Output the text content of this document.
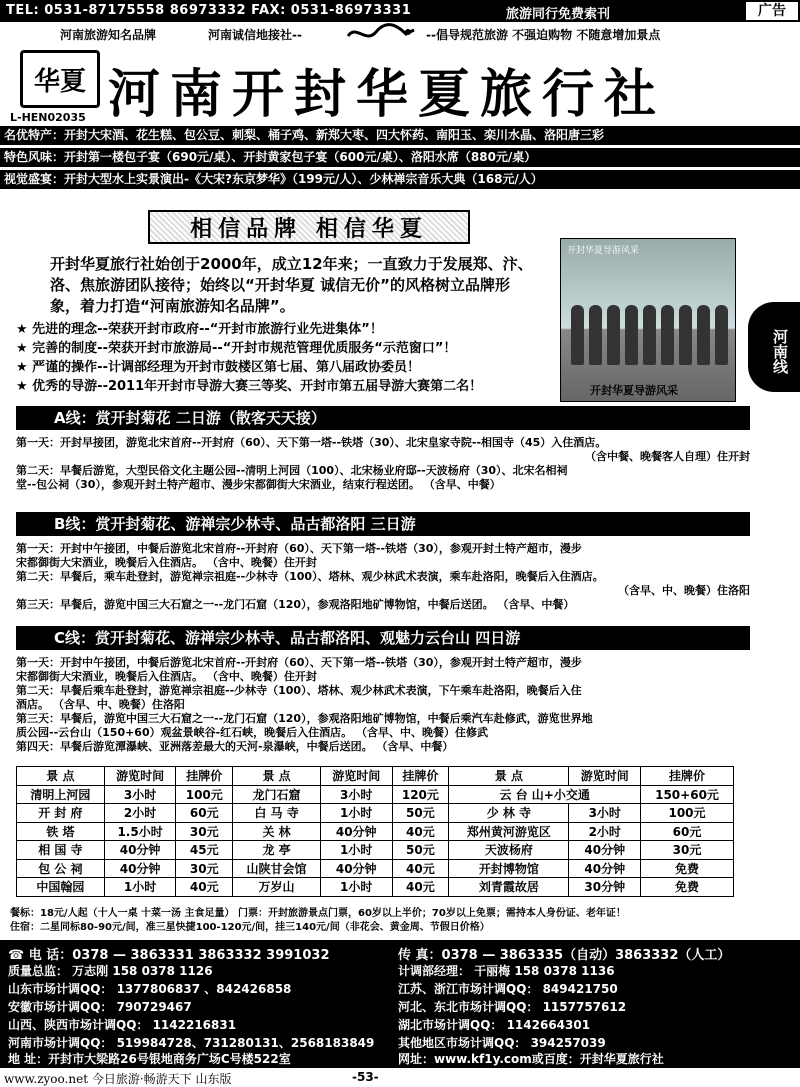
TEL: 0531-87175558 86973332 FAX: 0531-86973331	旅游同行免费索刊	广告
河南旅游知名品牌	河南诚信地接社--	--倡导规范旅游 不强迫购物 不随意增加景点
华夏
L-HEN02035 河南开封华夏旅行社
名优特产：开封大宋酒、花生糕、包公豆、刺梨、桶子鸡、新郑大枣、四大怀药、南阳玉、栾川水晶、洛阳唐三彩
特色风味：开封第一楼包子宴（690元/桌）、开封黄家包子宴（600元/桌）、洛阳水席（880元/桌）
视觉盛宴：开封大型水上实景演出-《大宋?东京梦华》（199元/人）、少林禅宗音乐大典（168元/人）
相信品牌 相信华夏
开封华夏旅行社始创于2000年，成立12年来；一直致力于发展郑、汴、洛、焦旅游团队接待；始终以“开封华夏 诚信无价”的风格树立品牌形象，着力打造“河南旅游知名品牌”。
★ 先进的理念--荣获开封市政府--“开封市旅游行业先进集体”！
★ 完善的制度--荣获开封市旅游局--“开封市规范管理优质服务“示范窗口”！
★ 严谨的操作--计调部经理为开封市鼓楼区第七届、第八届政协委员！
★ 优秀的导游--2011年开封市导游大赛三等奖、开封市第五届导游大赛第二名！
开封华夏导游风采
开封华夏导游风采
河南线
A线：赏开封菊花 二日游（散客天天接）
第一天：开封早接团，游览北宋首府--开封府（60）、天下第一塔--铁塔（30）、北宋皇家寺院--相国寺（45）入住酒店。
（含中餐、晚餐客人自理）住开封
第二天：早餐后游览，大型民俗文化主题公园--清明上河园（100）、北宋杨业府邸--天波杨府（30）、北宋名相祠
堂--包公祠（30），参观开封土特产超市、漫步宋都御街大宋酒业，结束行程送团。 （含早、中餐）
B线：赏开封菊花、游禅宗少林寺、品古都洛阳 三日游
第一天：开封中午接团，中餐后游览北宋首府--开封府（60）、天下第一塔--铁塔（30），参观开封土特产超市，漫步
宋都御街大宋酒业，晚餐后入住酒店。 （含中、晚餐）住开封
第二天：早餐后，乘车赴登封，游览禅宗祖庭--少林寺（100）、塔林、观少林武术表演，乘车赴洛阳，晚餐后入住酒店。
（含早、中、晚餐）住洛阳
第三天：早餐后，游览中国三大石窟之一--龙门石窟（120），参观洛阳地矿博物馆，中餐后送团。 （含早、中餐）
C线：赏开封菊花、游禅宗少林寺、品古都洛阳、观魅力云台山 四日游
第一天：开封中午接团，中餐后游览北宋首府--开封府（60）、天下第一塔--铁塔（30），参观开封土特产超市，漫步
宋都御街大宋酒业，晚餐后入住酒店。 （含中、晚餐）住开封
第二天：早餐后乘车赴登封，游览禅宗祖庭--少林寺（100）、塔林、观少林武术表演，下午乘车赴洛阳，晚餐后入住
酒店。 （含早、中、晚餐）住洛阳
第三天：早餐后，游览中国三大石窟之一--龙门石窟（120），参观洛阳地矿博物馆，中餐后乘汽车赴修武，游览世界地
质公园--云台山（150+60）观盆景峡谷-红石峡，晚餐后入住酒店。 （含早、中、晚餐）住修武
第四天：早餐后游览潭瀑峡、亚洲落差最大的天河-泉瀑峡，中餐后送团。 （含早、中餐）
景 点	游览时间	挂牌价	景 点	游览时间	挂牌价	景 点	游览时间	挂牌价
清明上河园	3小时	100元	龙门石窟	3小时	120元	云 台 山+小交通		150+60元
开 封 府	2小时	60元	白 马 寺	1小时	50元	少 林 寺	3小时	100元
铁 塔	1.5小时	30元	关 林	40分钟	40元	郑州黄河游览区	2小时	60元
相 国 寺	40分钟	45元	龙 亭	1小时	50元	天波杨府	40分钟	30元
包 公 祠	40分钟	30元	山陕甘会馆	40分钟	40元	开封博物馆	40分钟	免费
中国翰园	1小时	40元	万岁山	1小时	40元	刘青霞故居	30分钟	免费
餐标：18元/人起（十人一桌 十菜一汤 主食足量） 门票：开封旅游景点门票，60岁以上半价；70岁以上免票；需持本人身份证、老年证！
住宿：二星同标80-90元/间，准三星快捷100-120元/间，挂三140元/间（非花会、黄金周、节假日价格）
☎ 电 话：0378 — 3863331 3863332 3991032	传 真：0378 — 3863335（自动）3863332（人工）
质量总监： 万志刚 158 0378 1126	计调部经理： 干丽梅 158 0378 1136
山东市场计调QQ： 1377806837 、842426858
安徽市场计调QQ： 790729467
山西、陕西市场计调QQ： 1142216831
河南市场计调QQ： 519984728、731280131、2568183849
地 址：开封市大梁路26号银地商务广场C号楼522室
江苏、浙江市场计调QQ： 849421750
河北、东北市场计调QQ： 1157757612
湖北市场计调QQ： 1142664301
其他地区市场计调QQ： 394257039
网址：www.kf1y.com或百度：开封华夏旅行社
www.zyoo.net 今日旅游·畅游天下 山东版	-53-
